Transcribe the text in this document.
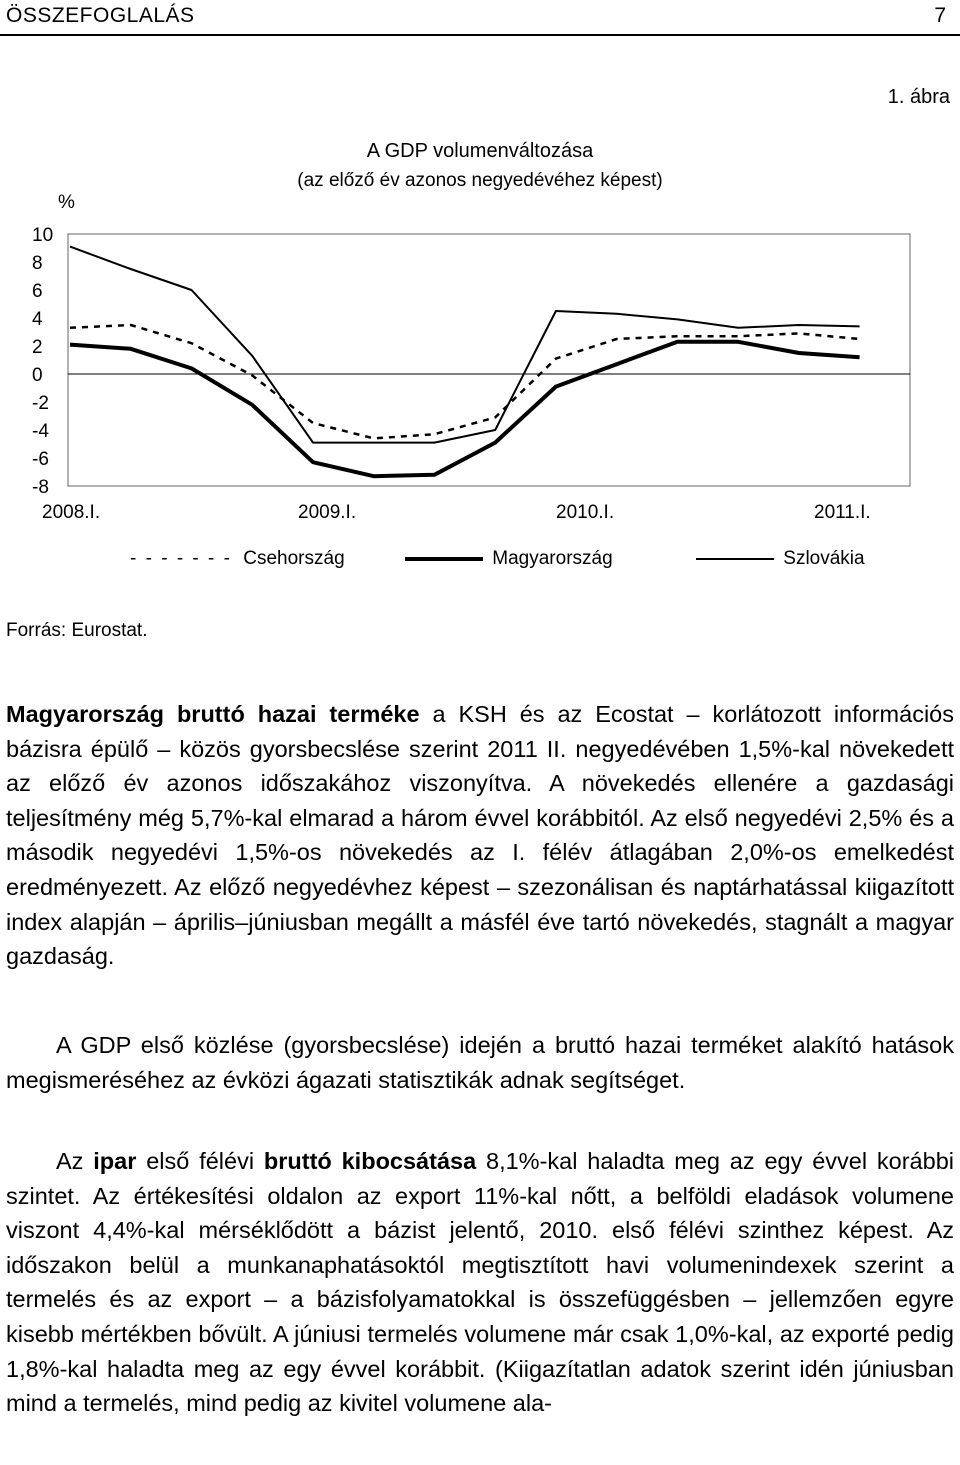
ÖSSZEFOGLALÁS	7
1. ábra
A GDP volumenváltozása
(az előző év azonos negyedévéhez képest)
%
10
8
6
4
2
0
-2
-4
-6
-8
2008.I.	2009.I.	2010.I.	2011.I.
- - - - - - - Csehország	Magyarország	Szlovákia
Forrás: Eurostat.

Magyarország bruttó hazai terméke a KSH és az Ecostat – korlátozott információs bázisra épülő – közös gyorsbecslése szerint 2011 II. negyedévében 1,5%-kal növekedett az előző év azonos időszakához viszonyítva. A növekedés ellenére a gazdasági teljesítmény még 5,7%-kal elmarad a három évvel korábbitól. Az első negyedévi 2,5% és a második negyedévi 1,5%-os növekedés az I. félév átlagában 2,0%-os emelkedést eredményezett. Az előző negyedévhez képest – szezonálisan és naptárhatással kiigazított index alapján – április–júniusban megállt a másfél éve tartó növekedés, stagnált a magyar gazdaság.

A GDP első közlése (gyorsbecslése) idején a bruttó hazai terméket alakító hatások megismeréséhez az évközi ágazati statisztikák adnak segítséget.

Az ipar első félévi bruttó kibocsátása 8,1%-kal haladta meg az egy évvel korábbi szintet. Az értékesítési oldalon az export 11%-kal nőtt, a belföldi eladások volumene viszont 4,4%-kal mérséklődött a bázist jelentő, 2010. első félévi szinthez képest. Az időszakon belül a munkanaphatásoktól megtisztított havi volumenindexek szerint a termelés és az export – a bázisfolyamatokkal is összefüggésben – jellemzően egyre kisebb mértékben bővült. A júniusi termelés volumene már csak 1,0%-kal, az exporté pedig 1,8%-kal haladta meg az egy évvel korábbit. (Kiigazítatlan adatok szerint idén júniusban mind a termelés, mind pedig az kivitel volumene ala-
